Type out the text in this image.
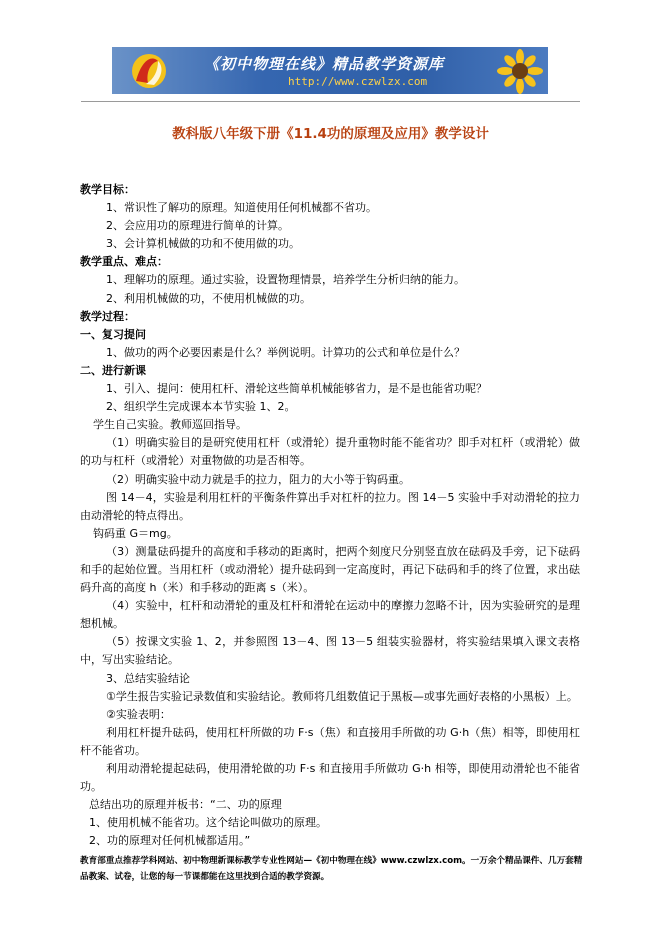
《初中物理在线》精品教学资源库
http://www.czwlzx.com
教科版八年级下册《11.4功的原理及应用》教学设计
教学目标：
1、常识性了解功的原理。知道使用任何机械都不省功。
2、会应用功的原理进行简单的计算。
3、会计算机械做的功和不使用做的功。
教学重点、难点：
1、理解功的原理。通过实验，设置物理情景，培养学生分析归纳的能力。
2、利用机械做的功，不使用机械做的功。
教学过程：
一、复习提问
1、做功的两个必要因素是什么？举例说明。计算功的公式和单位是什么？
二、进行新课
1、引入、提问：使用杠杆、滑轮这些简单机械能够省力，是不是也能省功呢？
2、组织学生完成课本本节实验 1、2。
学生自己实验。教师巡回指导。
（1）明确实验目的是研究使用杠杆（或滑轮）提升重物时能不能省功？即手对杠杆（或滑轮）做的功与杠杆（或滑轮）对重物做的功是否相等。
（2）明确实验中动力就是手的拉力，阻力的大小等于钩码重。
图 14－4，实验是利用杠杆的平衡条件算出手对杠杆的拉力。图 14－5 实验中手对动滑轮的拉力由动滑轮的特点得出。
钩码重 G＝mg。
（3）测量砝码提升的高度和手移动的距离时，把两个刻度尺分别竖直放在砝码及手旁，记下砝码和手的起始位置。当用杠杆（或动滑轮）提升砝码到一定高度时，再记下砝码和手的终了位置，求出砝码升高的高度 h（米）和手移动的距离 s（米）。
（4）实验中，杠杆和动滑轮的重及杠杆和滑轮在运动中的摩擦力忽略不计，因为实验研究的是理想机械。
（5）按课文实验 1、2，并参照图 13－4、图 13－5 组装实验器材，将实验结果填入课文表格中，写出实验结论。
3、总结实验结论
①学生报告实验记录数值和实验结论。教师将几组数值记于黑板—或事先画好表格的小黑板）上。
②实验表明：
利用杠杆提升砝码，使用杠杆所做的功 F·s（焦）和直接用手所做的功 G·h（焦）相等，即使用杠杆不能省功。
利用动滑轮提起砝码，使用滑轮做的功 F·s 和直接用手所做功 G·h 相等，即使用动滑轮也不能省功。
总结出功的原理并板书：“二、功的原理
1、使用机械不能省功。这个结论叫做功的原理。
2、功的原理对任何机械都适用。”
教育部重点推荐学科网站、初中物理新课标教学专业性网站—《初中物理在线》www.czwlzx.com。一万余个精品课件、几万套精品教案、试卷，让您的每一节课都能在这里找到合适的教学资源。
